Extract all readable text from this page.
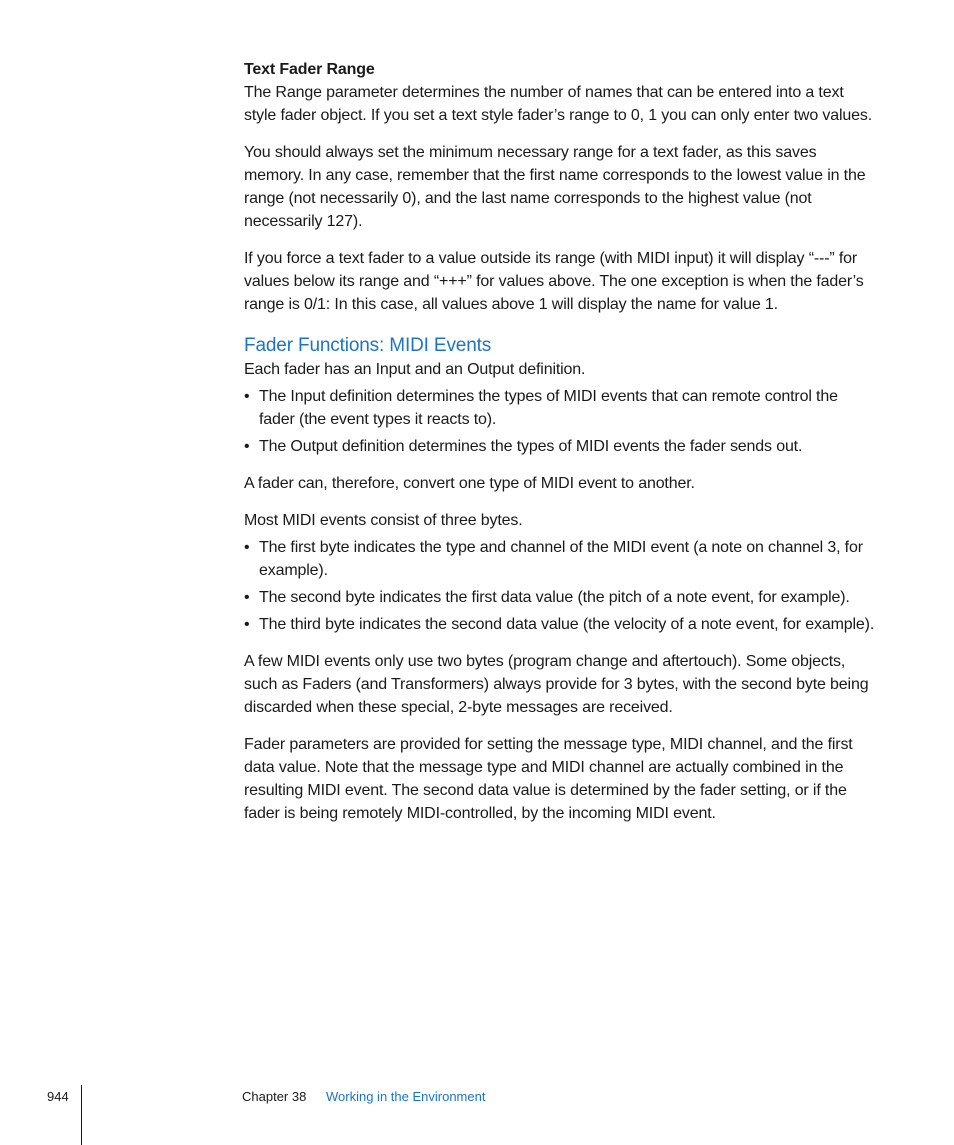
Text Fader Range

The Range parameter determines the number of names that can be entered into a text style fader object. If you set a text style fader’s range to 0, 1 you can only enter two values.

You should always set the minimum necessary range for a text fader, as this saves memory. In any case, remember that the first name corresponds to the lowest value in the range (not necessarily 0), and the last name corresponds to the highest value (not necessarily 127).

If you force a text fader to a value outside its range (with MIDI input) it will display “---” for values below its range and “+++” for values above. The one exception is when the fader’s range is 0/1: In this case, all values above 1 will display the name for value 1.

Fader Functions: MIDI Events

Each fader has an Input and an Output definition.

• The Input definition determines the types of MIDI events that can remote control the fader (the event types it reacts to).
• The Output definition determines the types of MIDI events the fader sends out.

A fader can, therefore, convert one type of MIDI event to another.

Most MIDI events consist of three bytes.

• The first byte indicates the type and channel of the MIDI event (a note on channel 3, for example).
• The second byte indicates the first data value (the pitch of a note event, for example).
• The third byte indicates the second data value (the velocity of a note event, for example).

A few MIDI events only use two bytes (program change and aftertouch). Some objects, such as Faders (and Transformers) always provide for 3 bytes, with the second byte being discarded when these special, 2-byte messages are received.

Fader parameters are provided for setting the message type, MIDI channel, and the first data value. Note that the message type and MIDI channel are actually combined in the resulting MIDI event. The second data value is determined by the fader setting, or if the fader is being remotely MIDI-controlled, by the incoming MIDI event.

944	Chapter 38 Working in the Environment
